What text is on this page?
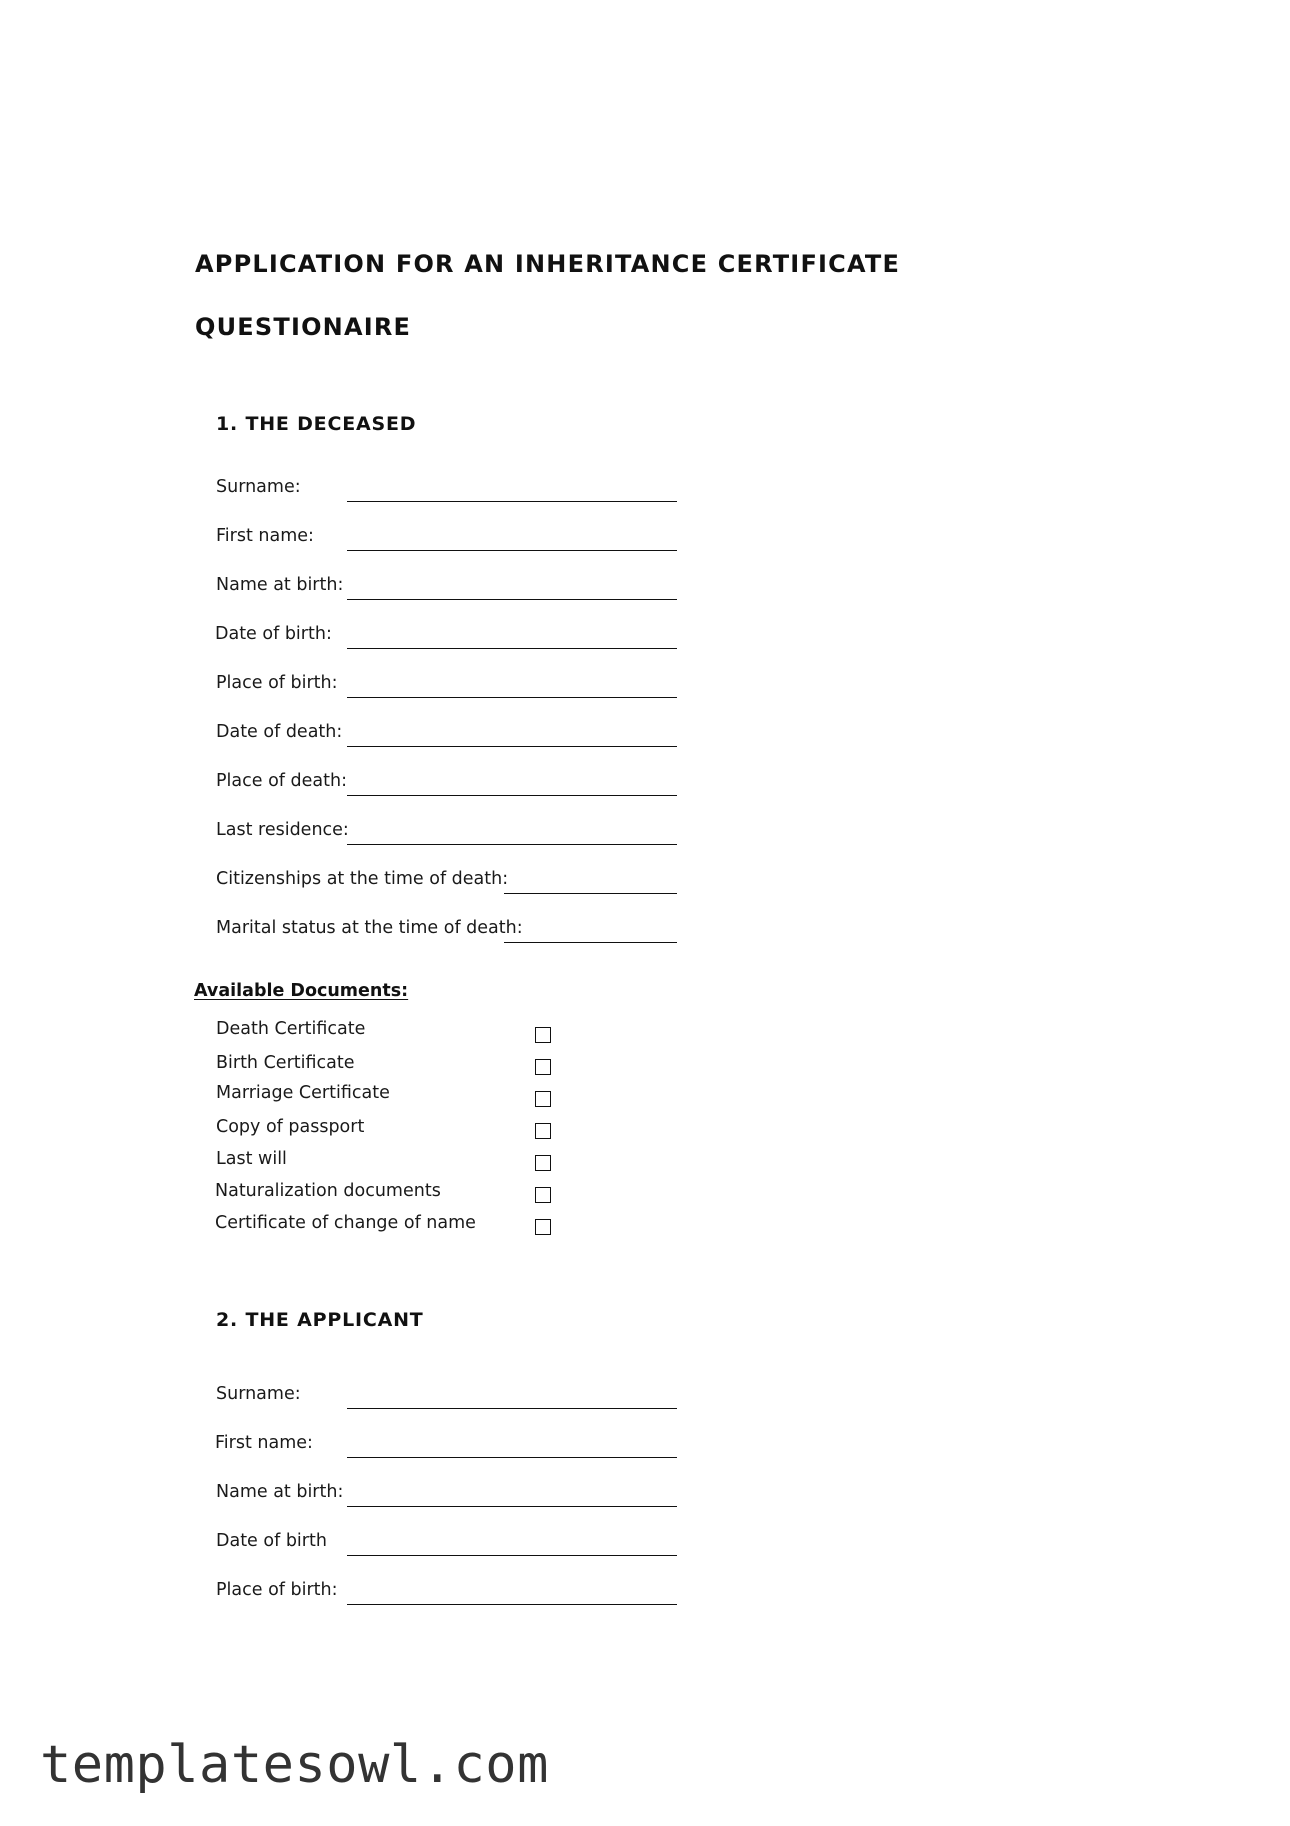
APPLICATION FOR AN INHERITANCE CERTIFICATE
QUESTIONAIRE
1. THE DECEASED
Surname:
First name:
Name at birth:
Date of birth:
Place of birth:
Date of death:
Place of death:
Last residence:
Citizenships at the time of death:
Marital status at the time of death:
Available Documents:
Death Certificate
Birth Certificate
Marriage Certificate
Copy of passport
Last will
Naturalization documents
Certificate of change of name
2. THE APPLICANT
Surname:
First name:
Name at birth:
Date of birth
Place of birth:
templatesowl.com
